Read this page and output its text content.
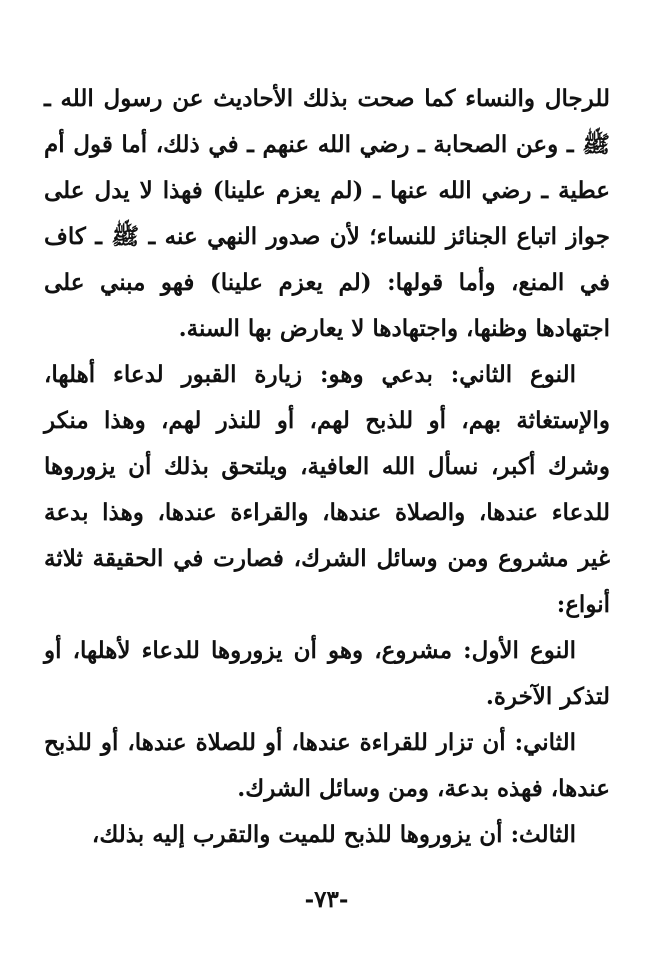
للرجال والنساء كما صحت بذلك الأحاديث عن رسول الله ـ ﷺ ـ وعن الصحابة ـ رضي الله عنهم ـ في ذلك، أما قول أم عطية ـ رضي الله عنها ـ (لم يعزم علينا) فهذا لا يدل على جواز اتباع الجنائز للنساء؛ لأن صدور النهي عنه ـ ﷺ ـ كاف في المنع، وأما قولها: (لم يعزم علينا) فهو مبني على اجتهادها وظنها، واجتهادها لا يعارض بها السنة.

النوع الثاني: بدعي وهو: زيارة القبور لدعاء أهلها، والإستغاثة بهم، أو للذبح لهم، أو للنذر لهم، وهذا منكر وشرك أكبر، نسأل الله العافية، ويلتحق بذلك أن يزوروها للدعاء عندها، والصلاة عندها، والقراءة عندها، وهذا بدعة غير مشروع ومن وسائل الشرك، فصارت في الحقيقة ثلاثة أنواع:

النوع الأول: مشروع، وهو أن يزوروها للدعاء لأهلها، أو لتذكر الآخرة.

الثاني: أن تزار للقراءة عندها، أو للصلاة عندها، أو للذبح عندها، فهذه بدعة، ومن وسائل الشرك.

الثالث: أن يزوروها للذبح للميت والتقرب إليه بذلك،

-٧٣-
